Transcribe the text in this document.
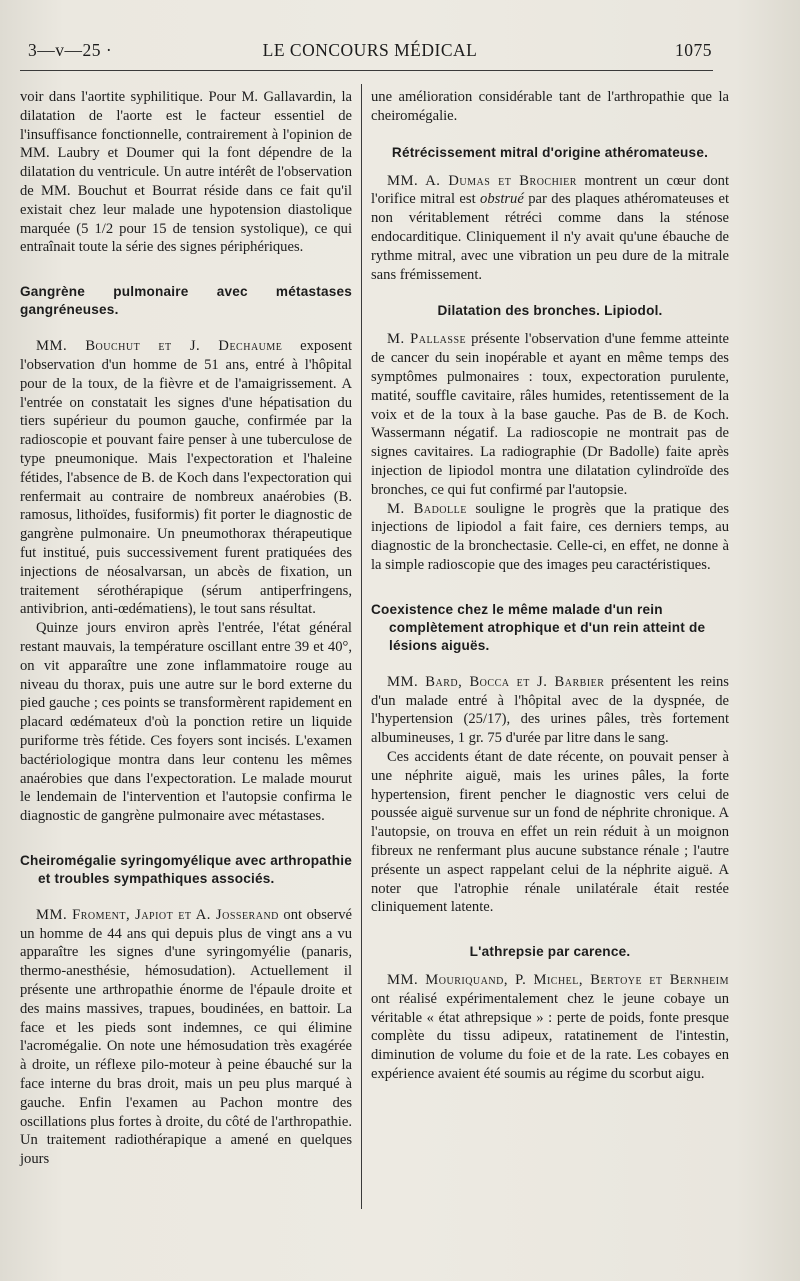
3—v—25 ·	LE CONCOURS MÉDICAL	1075

voir dans l'aortite syphilitique. Pour M. Gallavardin, la dilatation de l'aorte est le facteur essentiel de l'insuffisance fonctionnelle, contrairement à l'opinion de MM. Laubry et Doumer qui la font dépendre de la dilatation du ventricule. Un autre intérêt de l'observation de MM. Bouchut et Bourrat réside dans ce fait qu'il existait chez leur malade une hypotension diastolique marquée (5 1/2 pour 15 de tension systolique), ce qui entraînait toute la série des signes périphériques.

Gangrène pulmonaire avec métastases gangréneuses.

MM. Bouchut et J. Dechaume exposent l'observation d'un homme de 51 ans, entré à l'hôpital pour de la toux, de la fièvre et de l'amaigrissement. A l'entrée on constatait les signes d'une hépatisation du tiers supérieur du poumon gauche, confirmée par la radioscopie et pouvant faire penser à une tuberculose de type pneumonique. Mais l'expectoration et l'haleine fétides, l'absence de B. de Koch dans l'expectoration qui renfermait au contraire de nombreux anaérobies (B. ramosus, lithoïdes, fusiformis) fit porter le diagnostic de gangrène pulmonaire. Un pneumothorax thérapeutique fut institué, puis successivement furent pratiquées des injections de néosalvarsan, un abcès de fixation, un traitement sérothérapique (sérum antiperfringens, antivibrion, anti-œdématiens), le tout sans résultat.

Quinze jours environ après l'entrée, l'état général restant mauvais, la température oscillant entre 39 et 40°, on vit apparaître une zone inflammatoire rouge au niveau du thorax, puis une autre sur le bord externe du pied gauche ; ces points se transformèrent rapidement en placard œdémateux d'où la ponction retire un liquide puriforme très fétide. Ces foyers sont incisés. L'examen bactériologique montra dans leur contenu les mêmes anaérobies que dans l'expectoration. Le malade mourut le lendemain de l'intervention et l'autopsie confirma le diagnostic de gangrène pulmonaire avec métastases.

Cheiromégalie syringomyélique avec arthropathie et troubles sympathiques associés.

MM. Froment, Japiot et A. Josserand ont observé un homme de 44 ans qui depuis plus de vingt ans a vu apparaître les signes d'une syringomyélie (panaris, thermo-anesthésie, hémosudation). Actuellement il présente une arthropathie énorme de l'épaule droite et des mains massives, trapues, boudinées, en battoir. La face et les pieds sont indemnes, ce qui élimine l'acromégalie. On note une hémosudation très exagérée à droite, un réflexe pilo-moteur à peine ébauché sur la face interne du bras droit, mais un peu plus marqué à gauche. Enfin l'examen au Pachon montre des oscillations plus fortes à droite, du côté de l'arthropathie. Un traitement radiothérapique a amené en quelques jours

une amélioration considérable tant de l'arthropathie que la cheiromégalie.

Rétrécissement mitral d'origine athéromateuse.

MM. A. Dumas et Brochier montrent un cœur dont l'orifice mitral est obstrué par des plaques athéromateuses et non véritablement rétréci comme dans la sténose endocarditique. Cliniquement il n'y avait qu'une ébauche de rythme mitral, avec une vibration un peu dure de la mitrale sans frémissement.

Dilatation des bronches. Lipiodol.

M. Pallasse présente l'observation d'une femme atteinte de cancer du sein inopérable et ayant en même temps des symptômes pulmonaires : toux, expectoration purulente, matité, souffle cavitaire, râles humides, retentissement de la voix et de la toux à la base gauche. Pas de B. de Koch. Wassermann négatif. La radioscopie ne montrait pas de signes cavitaires. La radiographie (Dr Badolle) faite après injection de lipiodol montra une dilatation cylindroïde des bronches, ce qui fut confirmé par l'autopsie.

M. Badolle souligne le progrès que la pratique des injections de lipiodol a fait faire, ces derniers temps, au diagnostic de la bronchectasie. Celle-ci, en effet, ne donne à la simple radioscopie que des images peu caractéristiques.

Coexistence chez le même malade d'un rein complètement atrophique et d'un rein atteint de lésions aiguës.

MM. Bard, Bocca et J. Barbier présentent les reins d'un malade entré à l'hôpital avec de la dyspnée, de l'hypertension (25/17), des urines pâles, très fortement albumineuses, 1 gr. 75 d'urée par litre dans le sang.

Ces accidents étant de date récente, on pouvait penser à une néphrite aiguë, mais les urines pâles, la forte hypertension, firent pencher le diagnostic vers celui de poussée aiguë survenue sur un fond de néphrite chronique. A l'autopsie, on trouva en effet un rein réduit à un moignon fibreux ne renfermant plus aucune substance rénale ; l'autre présente un aspect rappelant celui de la néphrite aiguë. A noter que l'atrophie rénale unilatérale était restée cliniquement latente.

L'athrepsie par carence.

MM. Mouriquand, P. Michel, Bertoye et Bernheim ont réalisé expérimentalement chez le jeune cobaye un véritable « état athrepsique » : perte de poids, fonte presque complète du tissu adipeux, ratatinement de l'intestin, diminution de volume du foie et de la rate. Les cobayes en expérience avaient été soumis au régime du scorbut aigu.
